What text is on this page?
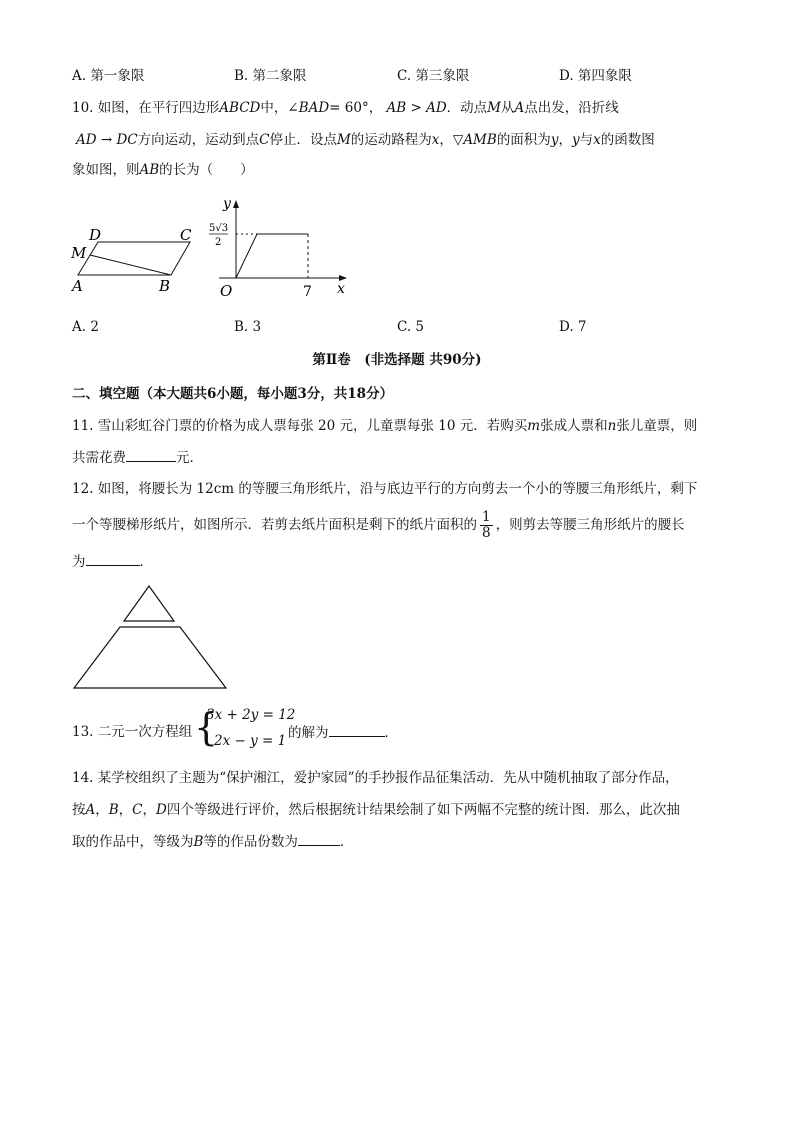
A. 第一象限	B. 第二象限	C. 第三象限	D. 第四象限
10. 如图，在平行四边形ABCD中，∠BAD= 60°， AB > AD．动点M从A点出发，沿折线
AD → DC方向运动，运动到点C停止．设点M的运动路程为x，▽AMB的面积为y，y与x的函数图
象如图，则AB的长为（　　）
D	C
M
A	B
y
x
O	7
5√3
2
A. 2	B. 3	C. 5	D. 7
第Ⅱ卷　(非选择题 共90分)
二、填空题（本大题共6小题，每小题3分，共18分）
11. 雪山彩虹谷门票的价格为成人票每张 20 元，儿童票每张 10 元．若购买m张成人票和n张儿童票，则
共需花费	元．
12. 如图，将腰长为 12cm 的等腰三角形纸片，沿与底边平行的方向剪去一个小的等腰三角形纸片，剩下
一个等腰梯形纸片，如图所示．若剪去纸片面积是剩下的纸片面积的 $\frac{1}{8}$ ，则剪去等腰三角形纸片的腰长
为	．
13. 二元一次方程组 {
3x + 2y = 12
2x − y = 1 的解为	．
14. 某学校组织了主题为“保护湘江，爱护家园”的手抄报作品征集活动．先从中随机抽取了部分作品，
按A，B，C，D四个等级进行评价，然后根据统计结果绘制了如下两幅不完整的统计图．那么，此次抽
取的作品中，等级为B等的作品份数为	．
